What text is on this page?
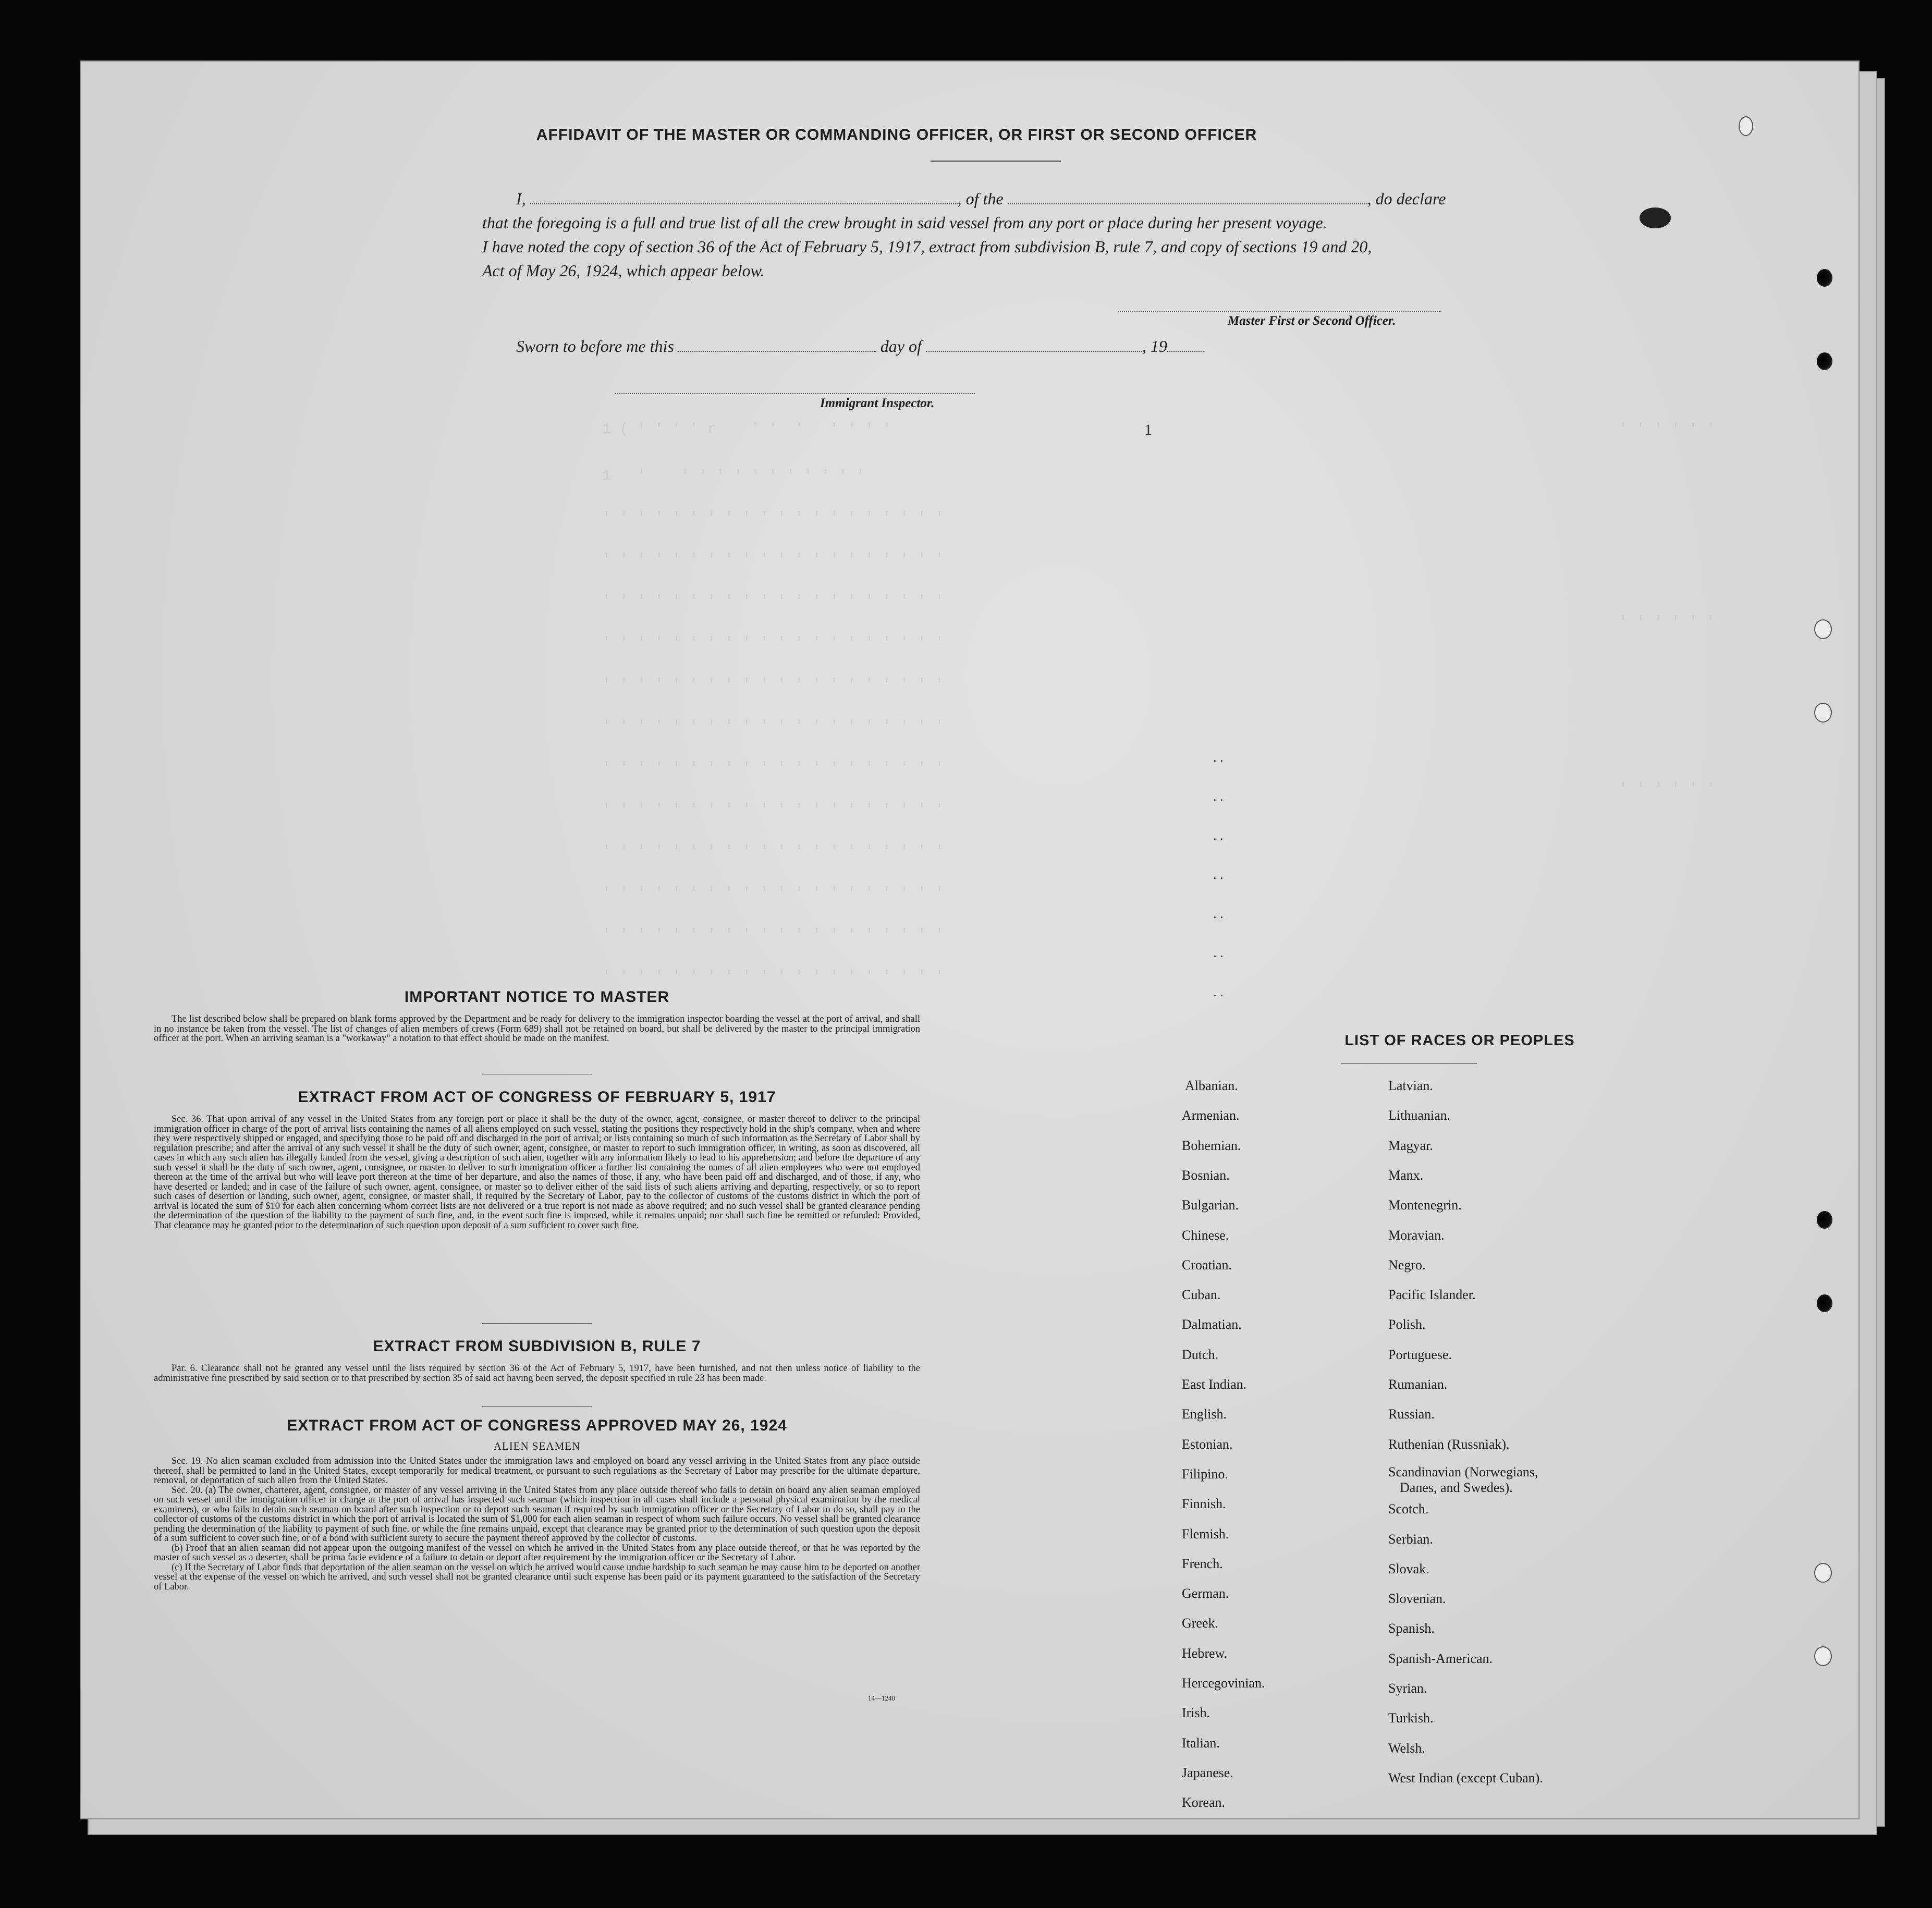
1 ( ' ' ' ' r    ' '  '   ' ' ' '
1   '    ' ' ' ' ' ' ' ' ' ' '
' ' ' ' ' ' ' ' ' ' ' ' ' ' ' ' ' ' ' '
' ' ' ' ' ' ' ' ' ' ' ' ' ' ' ' ' ' ' '
' ' ' ' ' ' ' ' ' ' ' ' ' ' ' ' ' ' ' '
' ' ' ' ' ' ' ' ' ' ' ' ' ' ' ' ' ' ' '
' ' ' ' ' ' ' ' ' ' ' ' ' ' ' ' ' ' ' '
' ' ' ' ' ' ' ' ' ' ' ' ' ' ' ' ' ' ' '
' ' ' ' ' ' ' ' ' ' ' ' ' ' ' ' ' ' ' '
' ' ' ' ' ' ' ' ' ' ' ' ' ' ' ' ' ' ' '
' ' ' ' ' ' ' ' ' ' ' ' ' ' ' ' ' ' ' '
' ' ' ' ' ' ' ' ' ' ' ' ' ' ' ' ' ' ' '
' ' ' ' ' ' ' ' ' ' ' ' ' ' ' ' ' ' ' '
' ' ' ' ' ' ' ' ' ' ' ' ' ' ' ' ' ' ' '
' ' ' ' ' '
' ' ' ' ' '
' ' ' ' ' '
1
. .
. .
. .
. .
. .
. .
. .
AFFIDAVIT OF THE MASTER OR COMMANDING OFFICER, OR FIRST OR SECOND OFFICER
I,	, of the	, do declare
that the foregoing is a full and true list of all the crew brought in said vessel from any port or place during her present voyage.
I have noted the copy of section 36 of the Act of February 5, 1917, extract from subdivision B, rule 7, and copy of sections 19 and 20,
Act of May 26, 1924, which appear below.
Master First or Second Officer.
Sworn to before me this	day of	, 19
Immigrant Inspector.
IMPORTANT NOTICE TO MASTER

The list described below shall be prepared on blank forms approved by the Department and be ready for delivery to the immigration inspector boarding the vessel at the port of arrival, and shall in no instance be taken from the vessel. The list of changes of alien members of crews (Form 689) shall not be retained on board, but shall be delivered by the master to the principal immigration officer at the port. When an arriving seaman is a "workaway" a notation to that effect should be made on the manifest.

EXTRACT FROM ACT OF CONGRESS OF FEBRUARY 5, 1917

Sec. 36. That upon arrival of any vessel in the United States from any foreign port or place it shall be the duty of the owner, agent, consignee, or master thereof to deliver to the principal immigration officer in charge of the port of arrival lists containing the names of all aliens employed on such vessel, stating the positions they respectively hold in the ship's company, when and where they were respectively shipped or engaged, and specifying those to be paid off and discharged in the port of arrival; or lists containing so much of such information as the Secretary of Labor shall by regulation prescribe; and after the arrival of any such vessel it shall be the duty of such owner, agent, consignee, or master to report to such immigration officer, in writing, as soon as discovered, all cases in which any such alien has illegally landed from the vessel, giving a description of such alien, together with any information likely to lead to his apprehension; and before the departure of any such vessel it shall be the duty of such owner, agent, consignee, or master to deliver to such immigration officer a further list containing the names of all alien employees who were not employed thereon at the time of the arrival but who will leave port thereon at the time of her departure, and also the names of those, if any, who have been paid off and discharged, and of those, if any, who have deserted or landed; and in case of the failure of such owner, agent, consignee, or master so to deliver either of the said lists of such aliens arriving and departing, respectively, or so to report such cases of desertion or landing, such owner, agent, consignee, or master shall, if required by the Secretary of Labor, pay to the collector of customs of the customs district in which the port of arrival is located the sum of $10 for each alien concerning whom correct lists are not delivered or a true report is not made as above required; and no such vessel shall be granted clearance pending the determination of the question of the liability to the payment of such fine, and, in the event such fine is imposed, while it remains unpaid; nor shall such fine be remitted or refunded: Provided, That clearance may be granted prior to the determination of such question upon deposit of a sum sufficient to cover such fine.

EXTRACT FROM SUBDIVISION B, RULE 7

Par. 6. Clearance shall not be granted any vessel until the lists required by section 36 of the Act of February 5, 1917, have been furnished, and not then unless notice of liability to the administrative fine prescribed by said section or to that prescribed by section 35 of said act having been served, the deposit specified in rule 23 has been made.

EXTRACT FROM ACT OF CONGRESS APPROVED MAY 26, 1924
ALIEN SEAMEN

Sec. 19. No alien seaman excluded from admission into the United States under the immigration laws and employed on board any vessel arriving in the United States from any place outside thereof, shall be permitted to land in the United States, except temporarily for medical treatment, or pursuant to such regulations as the Secretary of Labor may prescribe for the ultimate departure, removal, or deportation of such alien from the United States.

Sec. 20. (a) The owner, charterer, agent, consignee, or master of any vessel arriving in the United States from any place outside thereof who fails to detain on board any alien seaman employed on such vessel until the immigration officer in charge at the port of arrival has inspected such seaman (which inspection in all cases shall include a personal physical examination by the medical examiners), or who fails to detain such seaman on board after such inspection or to deport such seaman if required by such immigration officer or the Secretary of Labor to do so, shall pay to the collector of customs of the customs district in which the port of arrival is located the sum of $1,000 for each alien seaman in respect of whom such failure occurs. No vessel shall be granted clearance pending the determination of the liability to payment of such fine, or while the fine remains unpaid, except that clearance may be granted prior to the determination of such question upon the deposit of a sum sufficient to cover such fine, or of a bond with sufficient surety to secure the payment thereof approved by the collector of customs.

(b) Proof that an alien seaman did not appear upon the outgoing manifest of the vessel on which he arrived in the United States from any place outside thereof, or that he was reported by the master of such vessel as a deserter, shall be prima facie evidence of a failure to detain or deport after requirement by the immigration officer or the Secretary of Labor.

(c) If the Secretary of Labor finds that deportation of the alien seaman on the vessel on which he arrived would cause undue hardship to such seaman he may cause him to be deported on another vessel at the expense of the vessel on which he arrived, and such vessel shall not be granted clearance until such expense has been paid or its payment guaranteed to the satisfaction of the Secretary of Labor.

14—1240
LIST OF RACES OR PEOPLES
Albanian.
Armenian.
Bohemian.
Bosnian.
Bulgarian.
Chinese.
Croatian.
Cuban.
Dalmatian.
Dutch.
East Indian.
English.
Estonian.
Filipino.
Finnish.
Flemish.
French.
German.
Greek.
Hebrew.
Hercegovinian.
Irish.
Italian.
Japanese.
Korean.
Latvian.
Lithuanian.
Magyar.
Manx.
Montenegrin.
Moravian.
Negro.
Pacific Islander.
Polish.
Portuguese.
Rumanian.
Russian.
Ruthenian (Russniak).
Scandinavian (Norwegians,
Danes, and Swedes).
Scotch.
Serbian.
Slovak.
Slovenian.
Spanish.
Spanish-American.
Syrian.
Turkish.
Welsh.
West Indian (except Cuban).
